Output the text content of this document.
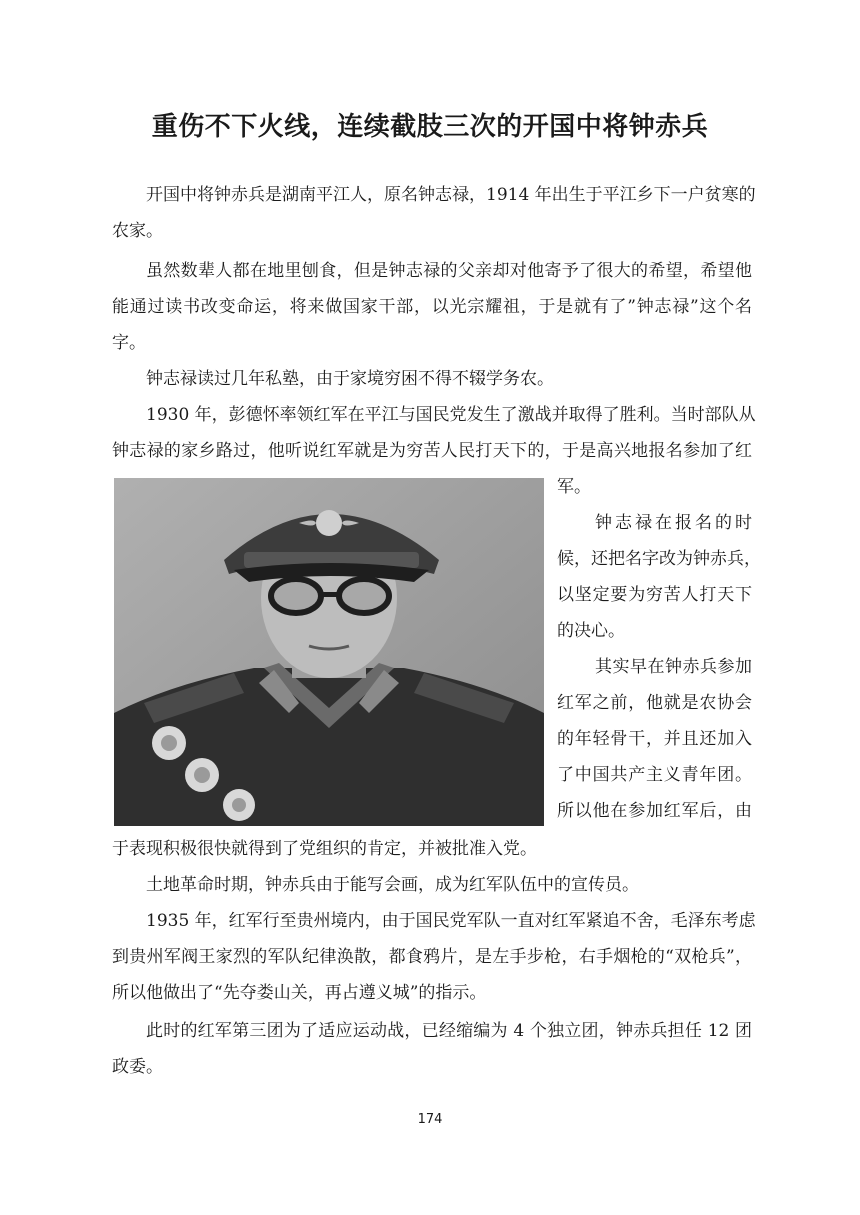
重伤不下火线，连续截肢三次的开国中将钟赤兵
开国中将钟赤兵是湖南平江人，原名钟志禄，1914 年出生于平江乡下一户贫寒的
农家。
虽然数辈人都在地里刨食，但是钟志禄的父亲却对他寄予了很大的希望，希望他
能通过读书改变命运，将来做国家干部，以光宗耀祖，于是就有了”钟志禄”这个名
字。
钟志禄读过几年私塾，由于家境穷困不得不辍学务农。
1930 年，彭德怀率领红军在平江与国民党发生了激战并取得了胜利。当时部队从
钟志禄的家乡路过，他听说红军就是为穷苦人民打天下的，于是高兴地报名参加了红
军。
钟志禄在报名的时
候，还把名字改为钟赤兵，
以坚定要为穷苦人打天下
的决心。
其实早在钟赤兵参加
红军之前，他就是农协会
的年轻骨干，并且还加入
了中国共产主义青年团。
所以他在参加红军后，由
于表现积极很快就得到了党组织的肯定，并被批准入党。
土地革命时期，钟赤兵由于能写会画，成为红军队伍中的宣传员。
1935 年，红军行至贵州境内，由于国民党军队一直对红军紧追不舍，毛泽东考虑
到贵州军阀王家烈的军队纪律涣散，都食鸦片，是左手步枪，右手烟枪的“双枪兵”，
所以他做出了“先夺娄山关，再占遵义城”的指示。
此时的红军第三团为了适应运动战，已经缩编为 4 个独立团，钟赤兵担任 12 团
政委。
174
